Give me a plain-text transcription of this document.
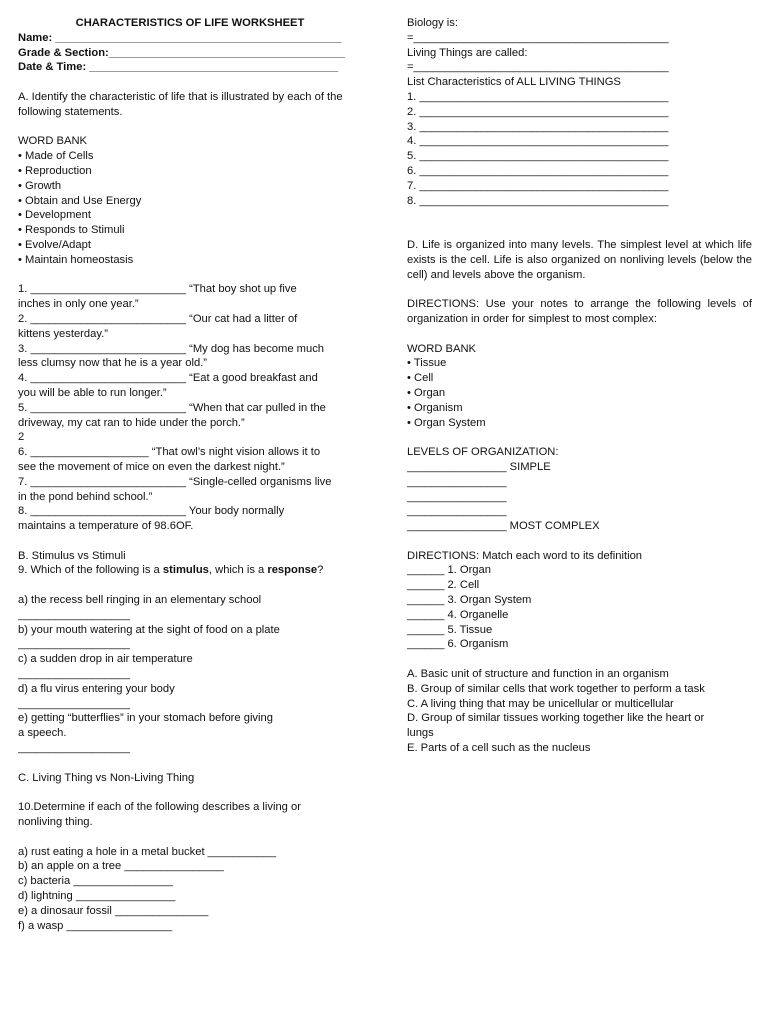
CHARACTERISTICS OF LIFE WORKSHEET
Name: ______________________________________________
Grade & Section:______________________________________
Date & Time: ________________________________________
A. Identify the characteristic of life that is illustrated by each of the following statements.
WORD BANK
• Made of Cells
• Reproduction
• Growth
• Obtain and Use Energy
• Development
• Responds to Stimuli
• Evolve/Adapt
• Maintain homeostasis
1. _________________________ “That boy shot up five
inches in only one year.”
2. _________________________ “Our cat had a litter of
kittens yesterday.”
3. _________________________ “My dog has become much
less clumsy now that he is a year old.”
4. _________________________ “Eat a good breakfast and
you will be able to run longer.”
5. _________________________ “When that car pulled in the
driveway, my cat ran to hide under the porch.”
2
6. ___________________ “That owl’s night vision allows it to
see the movement of mice on even the darkest night.”
7. _________________________ “Single-celled organisms live
in the pond behind school.”
8. _________________________ Your body normally
maintains a temperature of 98.6OF.
B. Stimulus vs Stimuli
9. Which of the following is a stimulus, which is a response?
a) the recess bell ringing in an elementary school
__________________
b) your mouth watering at the sight of food on a plate
__________________
c) a sudden drop in air temperature
__________________
d) a flu virus entering your body
__________________
e) getting “butterflies” in your stomach before giving
a speech.
__________________
C. Living Thing vs Non-Living Thing
10.Determine if each of the following describes a living or
nonliving thing.
a) rust eating a hole in a metal bucket ___________
b) an apple on a tree ________________
c) bacteria ________________
d) lightning ________________
e) a dinosaur fossil _______________
f) a wasp _________________
Biology is:
=_________________________________________
Living Things are called:
=_________________________________________
List Characteristics of ALL LIVING THINGS
1. ________________________________________
2. ________________________________________
3. ________________________________________
4. ________________________________________
5. ________________________________________
6. ________________________________________
7. ________________________________________
8. ________________________________________
D. Life is organized into many levels. The simplest level at which life exists is the cell. Life is also organized on nonliving levels (below the cell) and levels above the organism.
DIRECTIONS: Use your notes to arrange the following levels of organization in order for simplest to most complex:
WORD BANK
• Tissue
• Cell
• Organ
• Organism
• Organ System
LEVELS OF ORGANIZATION:
________________ SIMPLE
________________
________________
________________
________________ MOST COMPLEX
DIRECTIONS: Match each word to its definition
______ 1. Organ
______ 2. Cell
______ 3. Organ System
______ 4. Organelle
______ 5. Tissue
______ 6. Organism
A. Basic unit of structure and function in an organism
B. Group of similar cells that work together to perform a task
C. A living thing that may be unicellular or multicellular
D. Group of similar tissues working together like the heart or
lungs
E. Parts of a cell such as the nucleus
